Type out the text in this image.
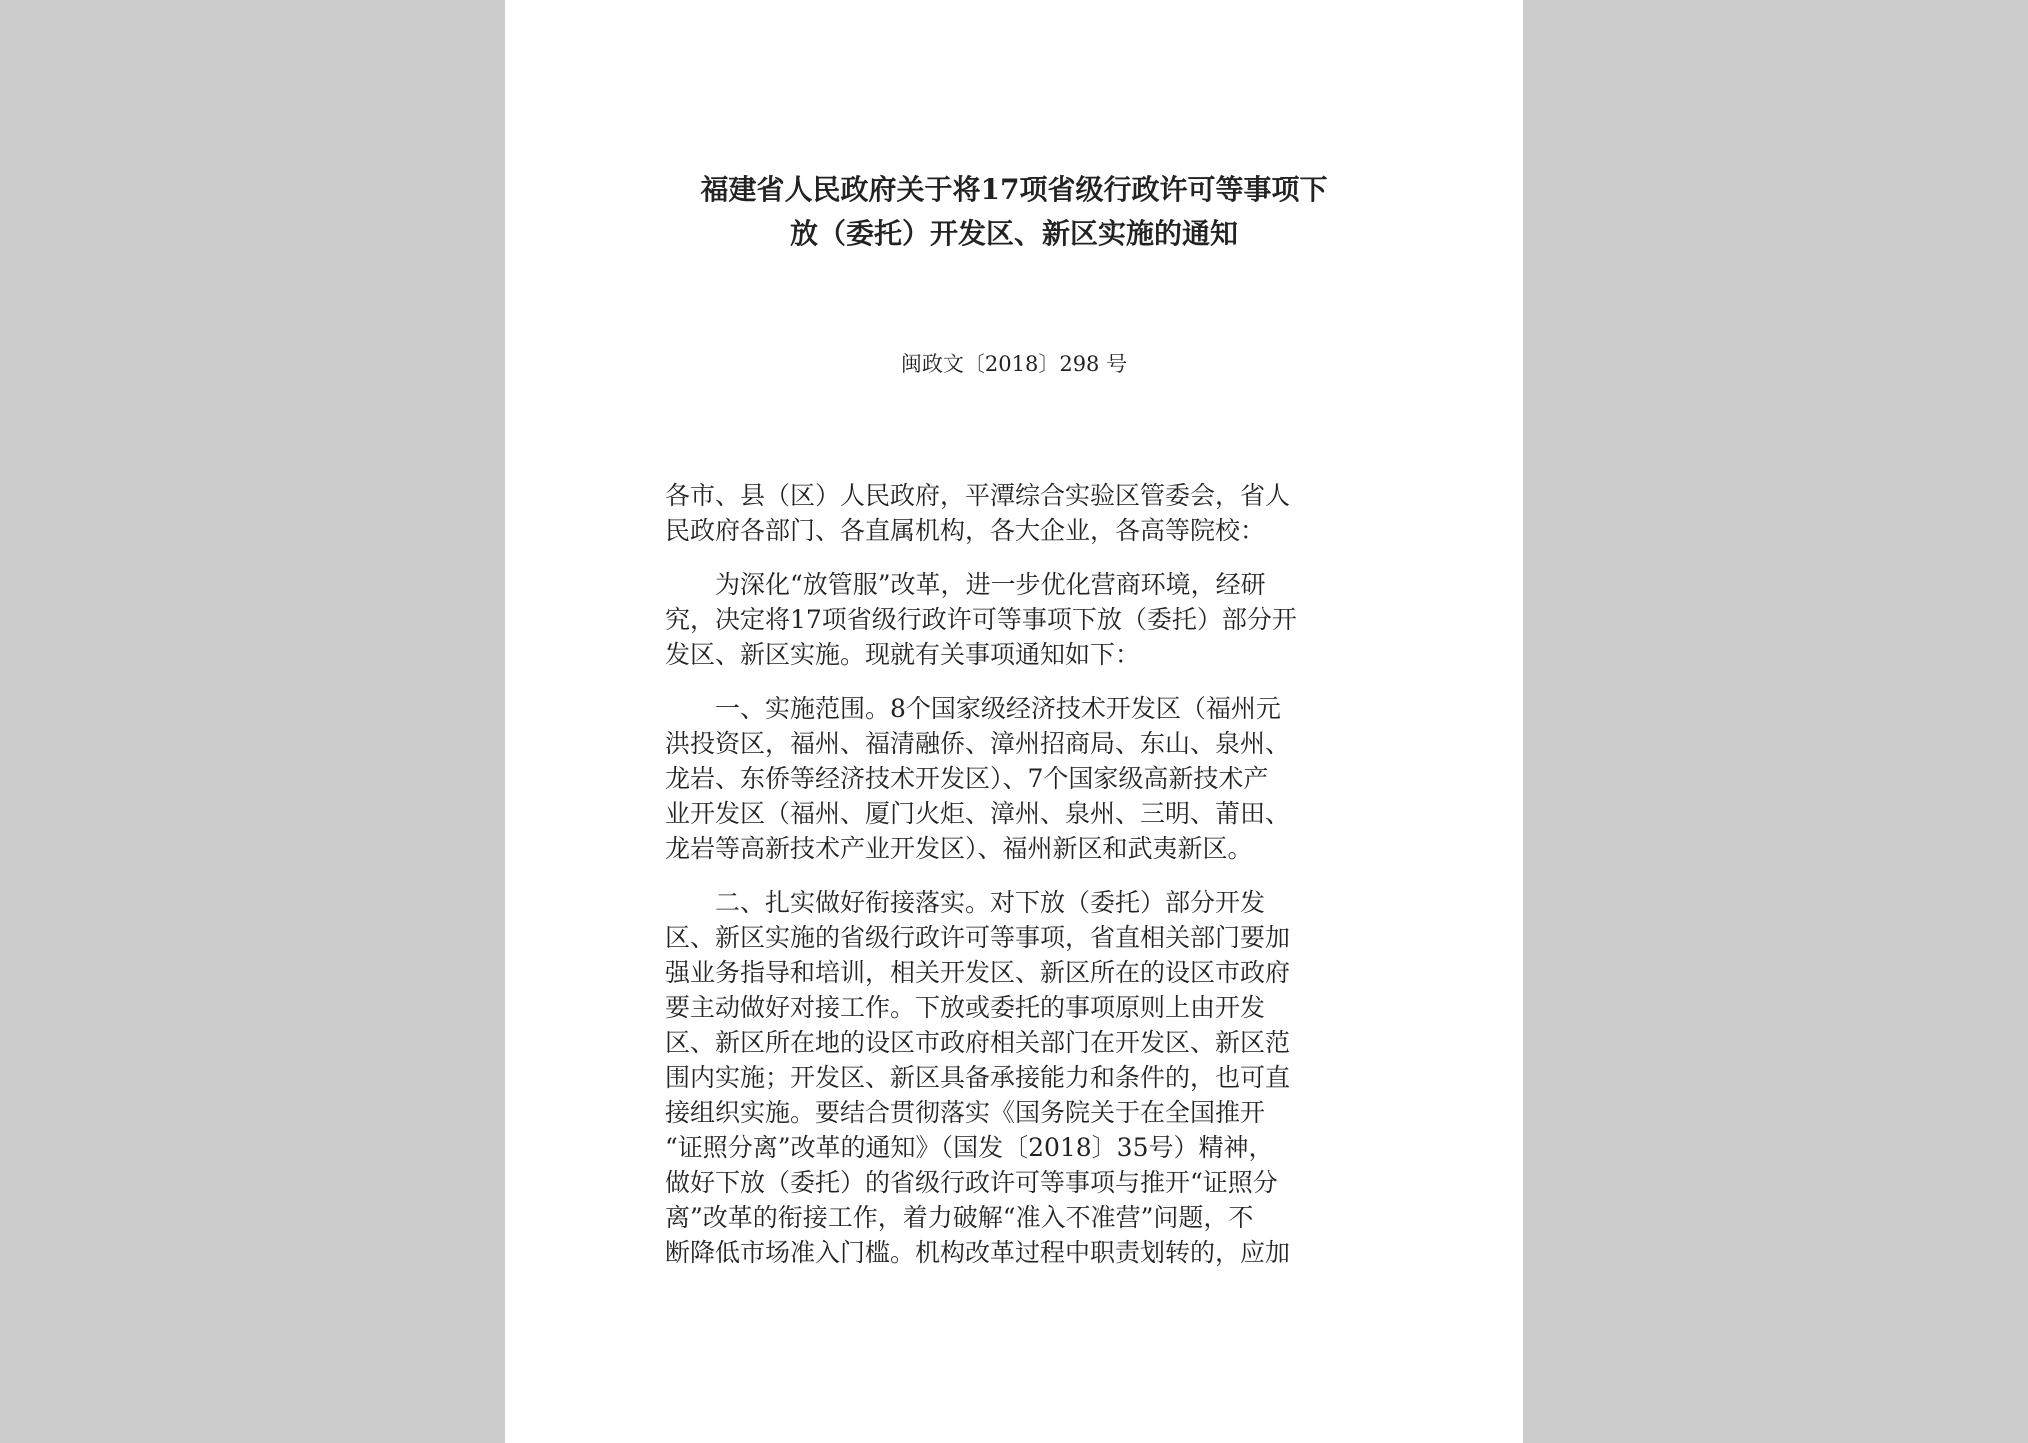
福建省人民政府关于将17项省级行政许可等事项下
放（委托）开发区、新区实施的通知
闽政文〔2018〕298 号

各市、县（区）人民政府，平潭综合实验区管委会，省人
民政府各部门、各直属机构，各大企业，各高等院校：

　　为深化“放管服”改革，进一步优化营商环境，经研
究，决定将17项省级行政许可等事项下放（委托）部分开
发区、新区实施。现就有关事项通知如下：

　　一、实施范围。8个国家级经济技术开发区（福州元
洪投资区，福州、福清融侨、漳州招商局、东山、泉州、
龙岩、东侨等经济技术开发区）、7个国家级高新技术产
业开发区（福州、厦门火炬、漳州、泉州、三明、莆田、
龙岩等高新技术产业开发区）、福州新区和武夷新区。

　　二、扎实做好衔接落实。对下放（委托）部分开发
区、新区实施的省级行政许可等事项，省直相关部门要加
强业务指导和培训，相关开发区、新区所在的设区市政府
要主动做好对接工作。下放或委托的事项原则上由开发
区、新区所在地的设区市政府相关部门在开发区、新区范
围内实施；开发区、新区具备承接能力和条件的，也可直
接组织实施。要结合贯彻落实《国务院关于在全国推开
“证照分离”改革的通知》（国发〔2018〕35号）精神，
做好下放（委托）的省级行政许可等事项与推开“证照分
离”改革的衔接工作，着力破解“准入不准营”问题，不
断降低市场准入门槛。机构改革过程中职责划转的，应加
